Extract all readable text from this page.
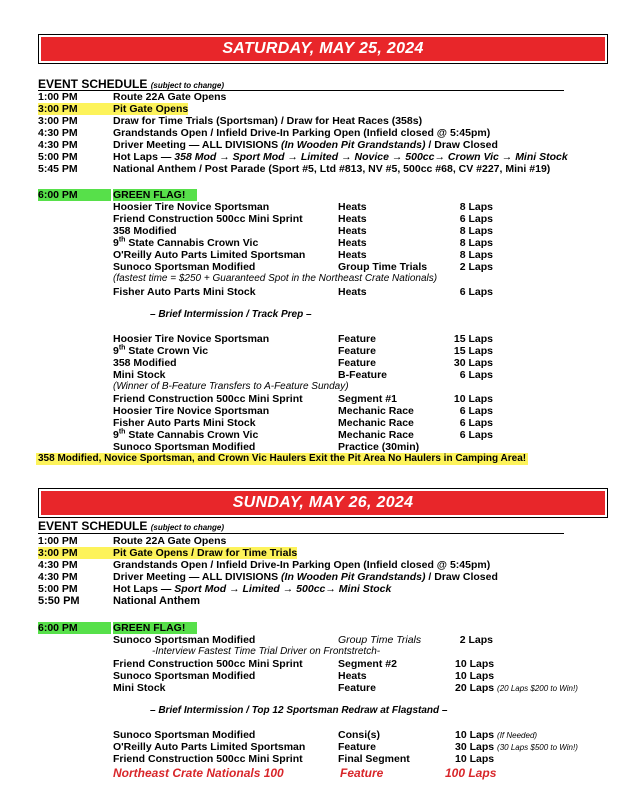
SATURDAY, MAY 25, 2024
EVENT SCHEDULE (subject to change)
1:00 PM	Route 22A Gate Opens
3:00 PM	Pit Gate Opens
3:00 PM	Draw for Time Trials (Sportsman) / Draw for Heat Races (358s)
4:30 PM	Grandstands Open / Infield Drive-In Parking Open (Infield closed @ 5:45pm)
4:30 PM	Driver Meeting — ALL DIVISIONS (In Wooden Pit Grandstands) / Draw Closed
5:00 PM	Hot Laps — 358 Mod → Sport Mod → Limited → Novice → 500cc→ Crown Vic → Mini Stock
5:45 PM	National Anthem / Post Parade (Sport #5, Ltd #813, NV #5, 500cc #68, CV #227, Mini #19)
6:00 PM	GREEN FLAG!
Hoosier Tire Novice Sportsman	Heats	8 Laps
Friend Construction 500cc Mini Sprint	Heats	6 Laps
358 Modified	Heats	8 Laps
9th State Cannabis Crown Vic	Heats	8 Laps
O'Reilly Auto Parts Limited Sportsman	Heats	8 Laps
Sunoco Sportsman Modified	Group Time Trials	2 Laps
(fastest time = $250 + Guaranteed Spot in the Northeast Crate Nationals)
Fisher Auto Parts Mini Stock	Heats	6 Laps
– Brief Intermission / Track Prep –
Hoosier Tire Novice Sportsman	Feature	15 Laps
9th State Crown Vic	Feature	15 Laps
358 Modified	Feature	30 Laps
Mini Stock	B-Feature	6 Laps
(Winner of B-Feature Transfers to A-Feature Sunday)
Friend Construction 500cc Mini Sprint	Segment #1	10 Laps
Hoosier Tire Novice Sportsman	Mechanic Race	6 Laps
Fisher Auto Parts Mini Stock	Mechanic Race	6 Laps
9th State Cannabis Crown Vic	Mechanic Race	6 Laps
Sunoco Sportsman Modified	Practice (30min)
358 Modified, Novice Sportsman, and Crown Vic Haulers Exit the Pit Area No Haulers in Camping Area!
SUNDAY, MAY 26, 2024
EVENT SCHEDULE (subject to change)
1:00 PM	Route 22A Gate Opens
3:00 PM	Pit Gate Opens / Draw for Time Trials
4:30 PM	Grandstands Open / Infield Drive-In Parking Open (Infield closed @ 5:45pm)
4:30 PM	Driver Meeting — ALL DIVISIONS (In Wooden Pit Grandstands) / Draw Closed
5:00 PM	Hot Laps — Sport Mod → Limited → 500cc→ Mini Stock
5:50 PM	National Anthem
6:00 PM	GREEN FLAG!
Sunoco Sportsman Modified	Group Time Trials	2 Laps
-Interview Fastest Time Trial Driver on Frontstretch-
Friend Construction 500cc Mini Sprint	Segment #2	10 Laps
Sunoco Sportsman Modified	Heats	10 Laps
Mini Stock	Feature	20 Laps (20 Laps $200 to Win!)
– Brief Intermission / Top 12 Sportsman Redraw at Flagstand –
Sunoco Sportsman Modified	Consi(s)	10 Laps (If Needed)
O'Reilly Auto Parts Limited Sportsman	Feature	30 Laps (30 Laps $500 to Win!)
Friend Construction 500cc Mini Sprint	Final Segment	10 Laps
Northeast Crate Nationals 100	Feature	100 Laps
